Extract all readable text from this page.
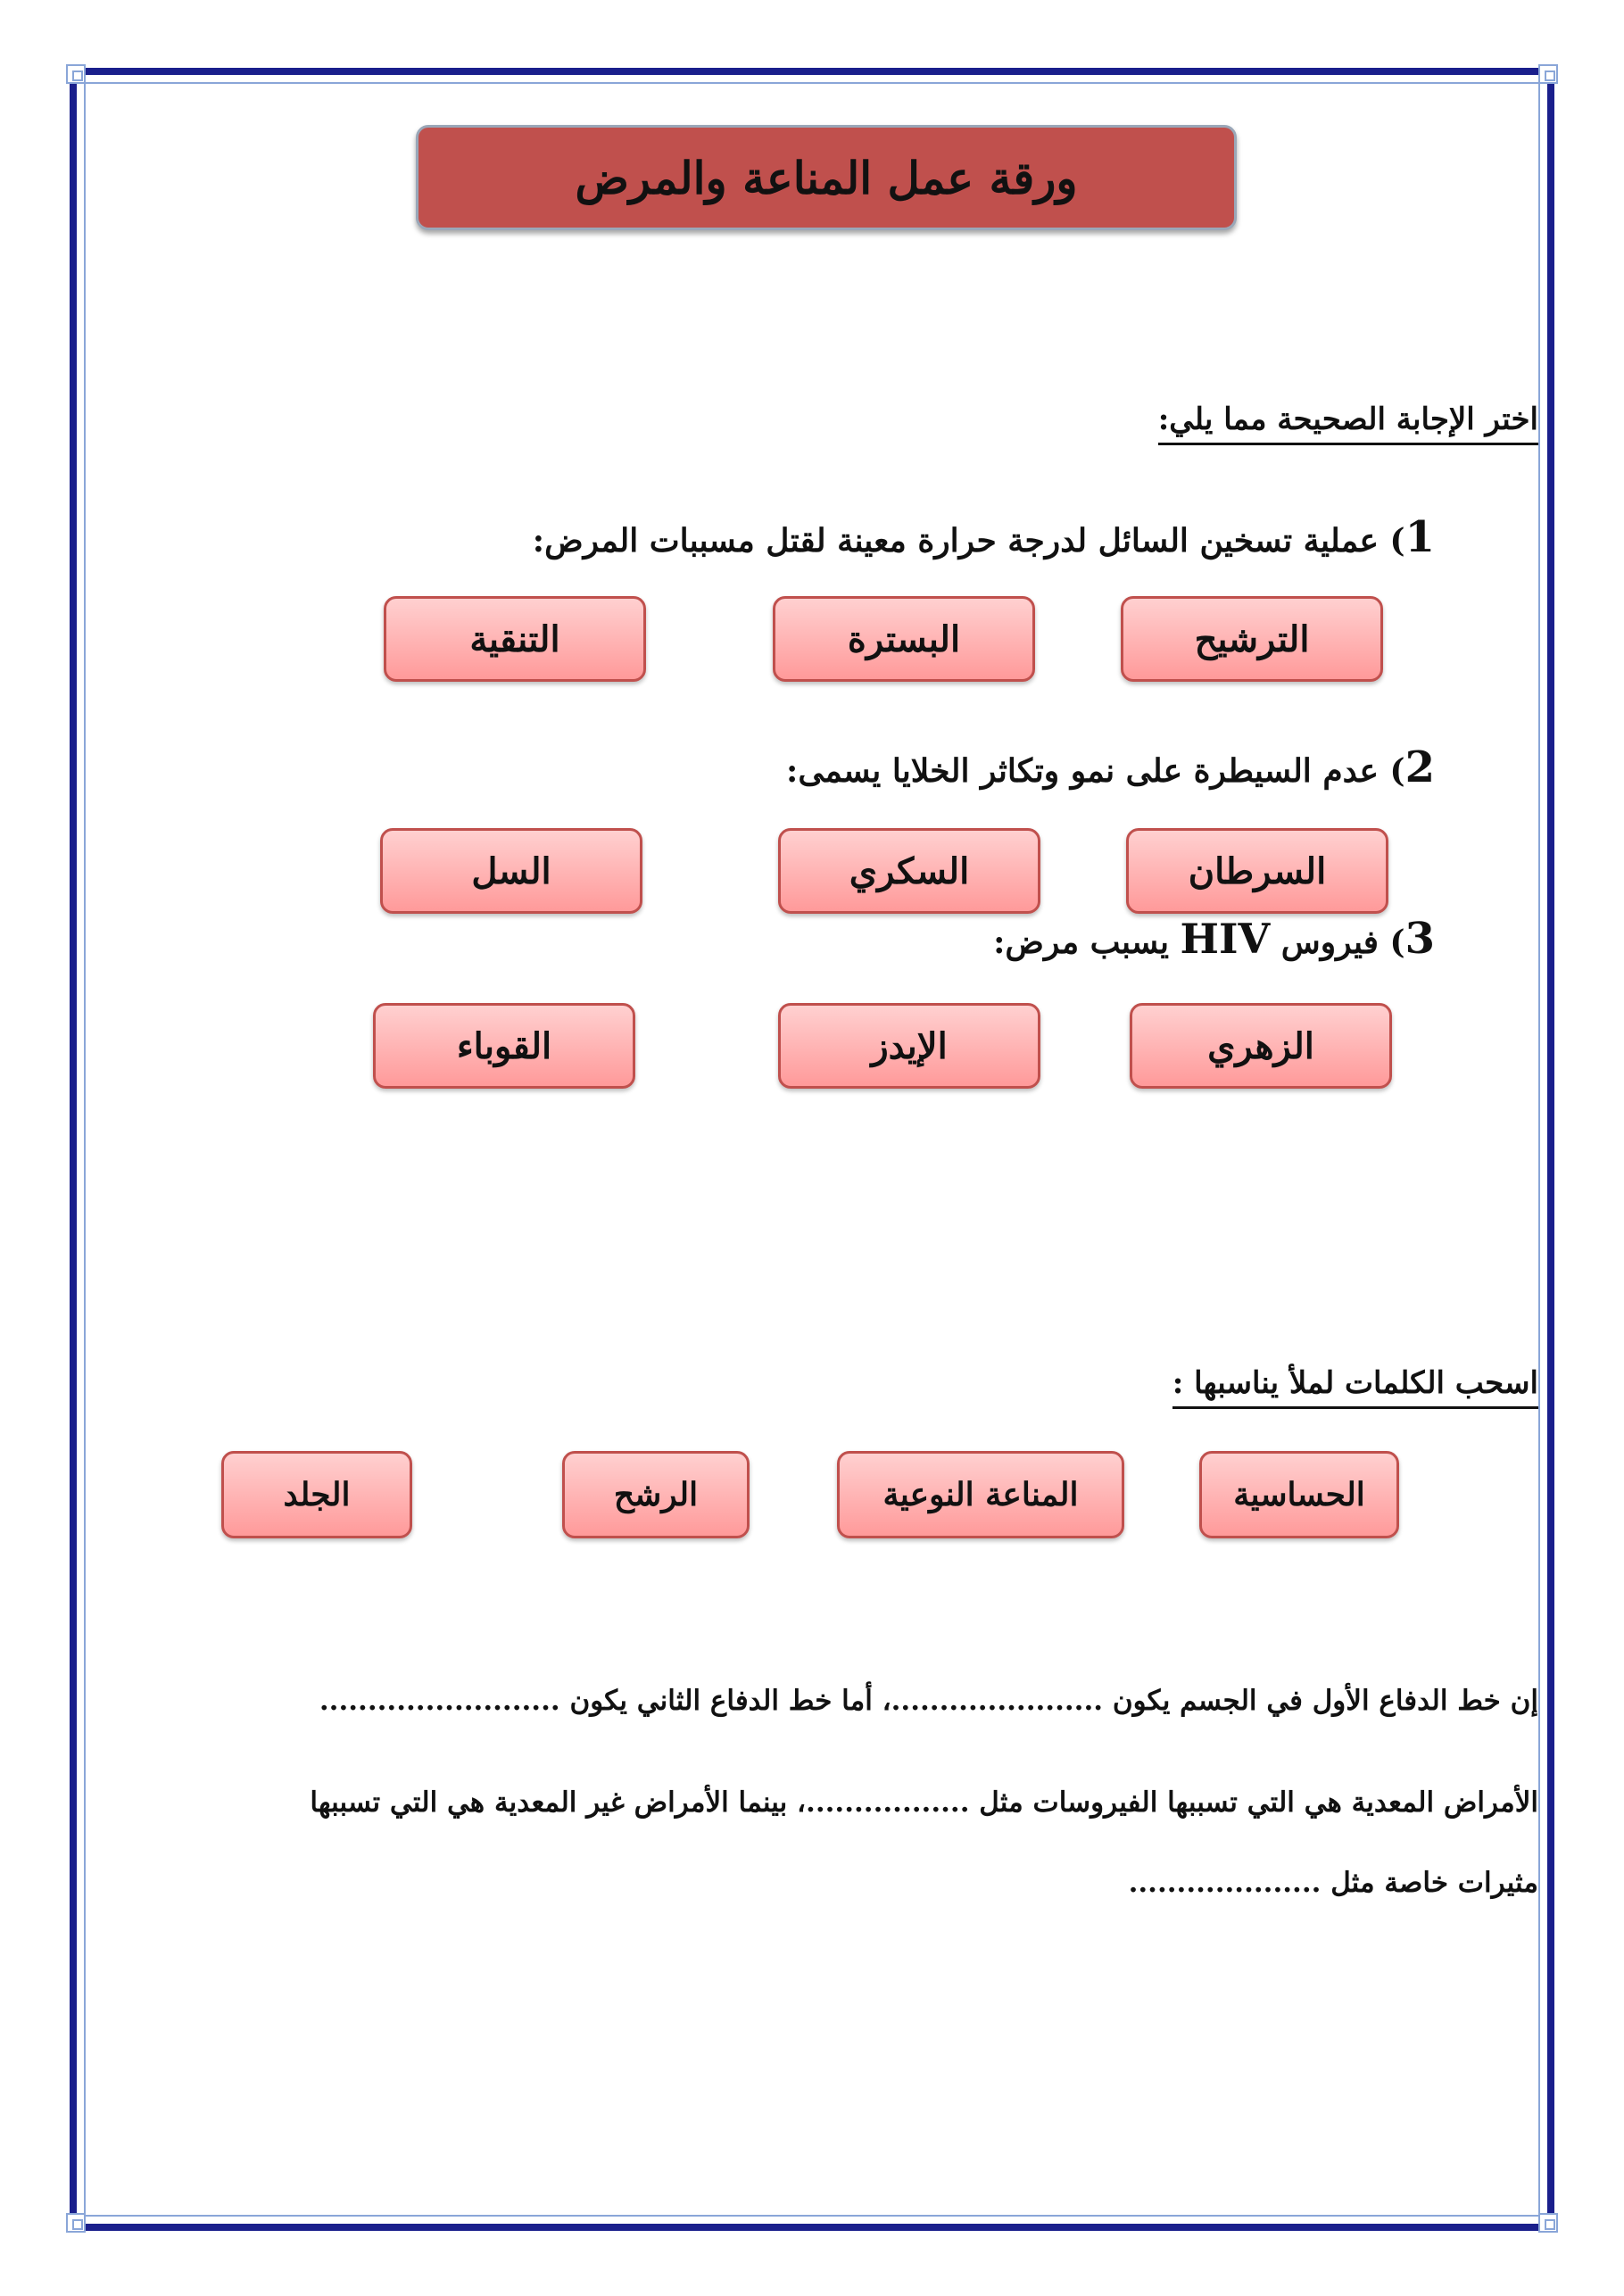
ورقة عمل المناعة والمرض
اختر الإجابة الصحيحة مما يلي:
1) عملية تسخين السائل لدرجة حرارة معينة لقتل مسببات المرض:
الترشيح
البسترة
التنقية
2) عدم السيطرة على نمو وتكاثر الخلايا يسمى:
السرطان
السكري
السل
3) فيروس HIV يسبب مرض:
الزهري
الإيدز
القوباء
اسحب الكلمات لملأ يناسبها :
الحساسية
المناعة النوعية
الرشح
الجلد
إن خط الدفاع الأول في الجسم يكون ......................، أما خط الدفاع الثاني يكون .........................
الأمراض المعدية هي التي تسببها الفيروسات مثل .................، بينما الأمراض غير المعدية هي التي تسببها
مثيرات خاصة مثل ....................
